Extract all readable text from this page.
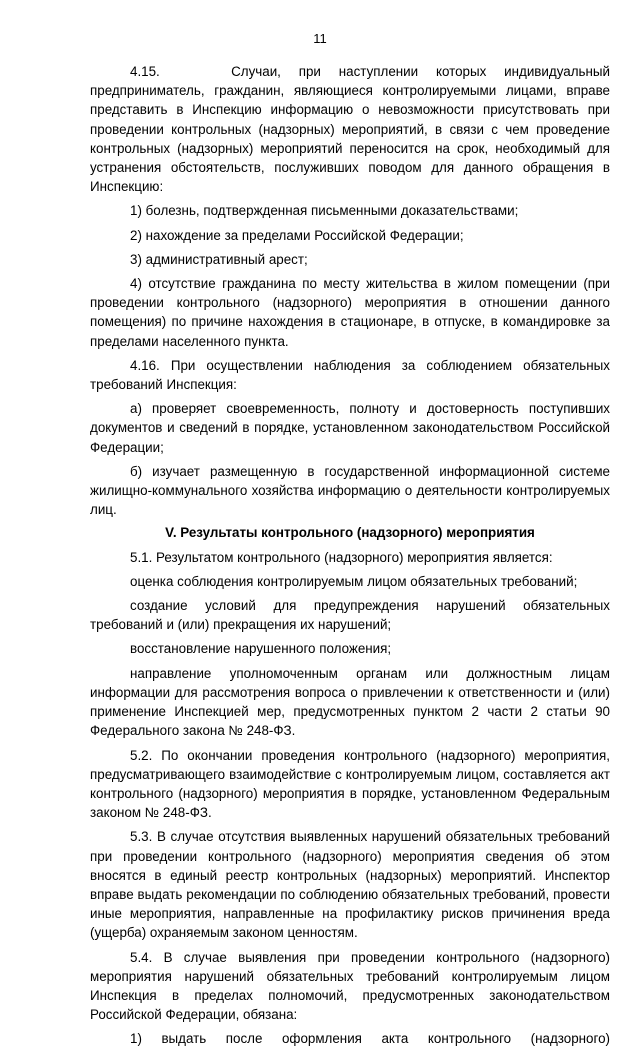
11

4.15.    Случаи, при наступлении которых индивидуальный предприниматель, гражданин, являющиеся контролируемыми лицами, вправе представить в Инспекцию информацию о невозможности присутствовать при проведении контрольных (надзорных) мероприятий, в связи с чем проведение контрольных (надзорных) мероприятий переносится на срок, необходимый для устранения обстоятельств, послуживших поводом для данного обращения в Инспекцию:

1) болезнь, подтвержденная письменными доказательствами;

2) нахождение за пределами Российской Федерации;

3) административный арест;

4) отсутствие гражданина по месту жительства в жилом помещении (при проведении контрольного (надзорного) мероприятия в отношении данного помещения) по причине нахождения в стационаре, в отпуске, в командировке за пределами населенного пункта.

4.16. При осуществлении наблюдения за соблюдением обязательных требований Инспекция:

а) проверяет своевременность, полноту и достоверность поступивших документов и сведений в порядке, установленном законодательством Российской Федерации;

б) изучает размещенную в государственной информационной системе жилищно-коммунального хозяйства информацию о деятельности контролируемых лиц.

V. Результаты контрольного (надзорного) мероприятия

5.1. Результатом контрольного (надзорного) мероприятия является:

оценка соблюдения контролируемым лицом обязательных требований;

создание условий для предупреждения нарушений обязательных требований и (или) прекращения их нарушений;

восстановление нарушенного положения;

направление уполномоченным органам или должностным лицам информации для рассмотрения вопроса о привлечении к ответственности и (или) применение Инспекцией мер, предусмотренных пунктом 2 части 2 статьи 90 Федерального закона № 248-ФЗ.

5.2. По окончании проведения контрольного (надзорного) мероприятия, предусматривающего взаимодействие с контролируемым лицом, составляется акт контрольного (надзорного) мероприятия в порядке, установленном Федеральным законом № 248-ФЗ.

5.3. В случае отсутствия выявленных нарушений обязательных требований при проведении контрольного (надзорного) мероприятия сведения об этом вносятся в единый реестр контрольных (надзорных) мероприятий. Инспектор вправе выдать рекомендации по соблюдению обязательных требований, провести иные мероприятия, направленные на профилактику рисков причинения вреда (ущерба) охраняемым законом ценностям.

5.4. В случае выявления при проведении контрольного (надзорного) мероприятия нарушений обязательных требований контролируемым лицом Инспекция в пределах полномочий, предусмотренных законодательством Российской Федерации, обязана:

1) выдать после оформления акта контрольного (надзорного)
